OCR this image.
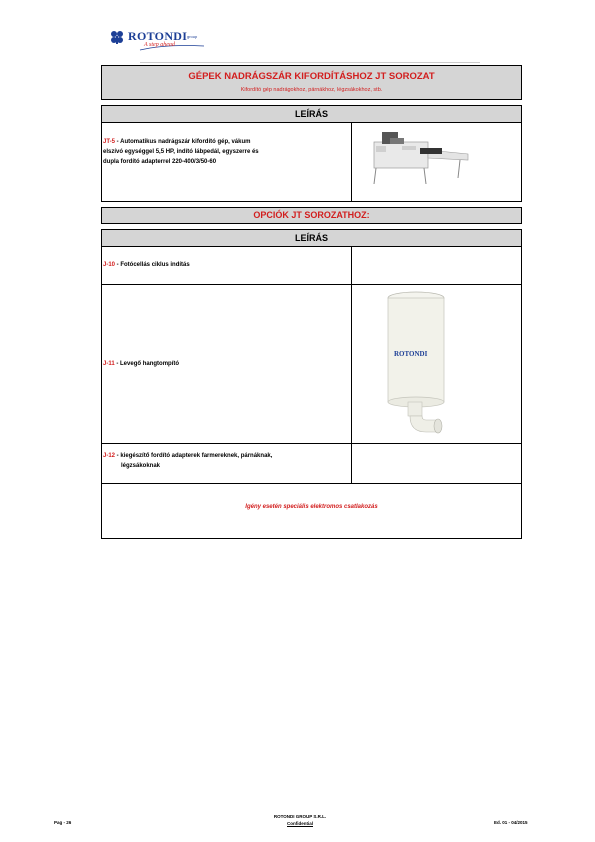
ROTONDI group
A step ahead
GÉPEK NADRÁGSZÁR KIFORDÍTÁSHOZ JT SOROZAT
Kifordító gép nadrágokhoz, párnákhoz, légzsákokhoz, stb.
LEÍRÁS
JT-5 - Automatikus nadrágszár kifordító gép, vákum
elszívó egységgel 5,5 HP, indító lábpedál, egyszerre és
dupla fordító adapterrel 220-400/3/50-60
OPCIÓK JT SOROZATHOZ:
LEÍRÁS
J-10 - Fotócellás ciklus indítás
J-11 - Levegő hangtompító
J-12 - kiegészítő fordító adapterek farmereknek, párnáknak,
légzsákoknak
ROTONDI
Igény esetén speciális elektromos csatlakozás
Pag - 26
ROTONDI GROUP S.R.L.
Confidential	Ed. 01 - 04/2015
